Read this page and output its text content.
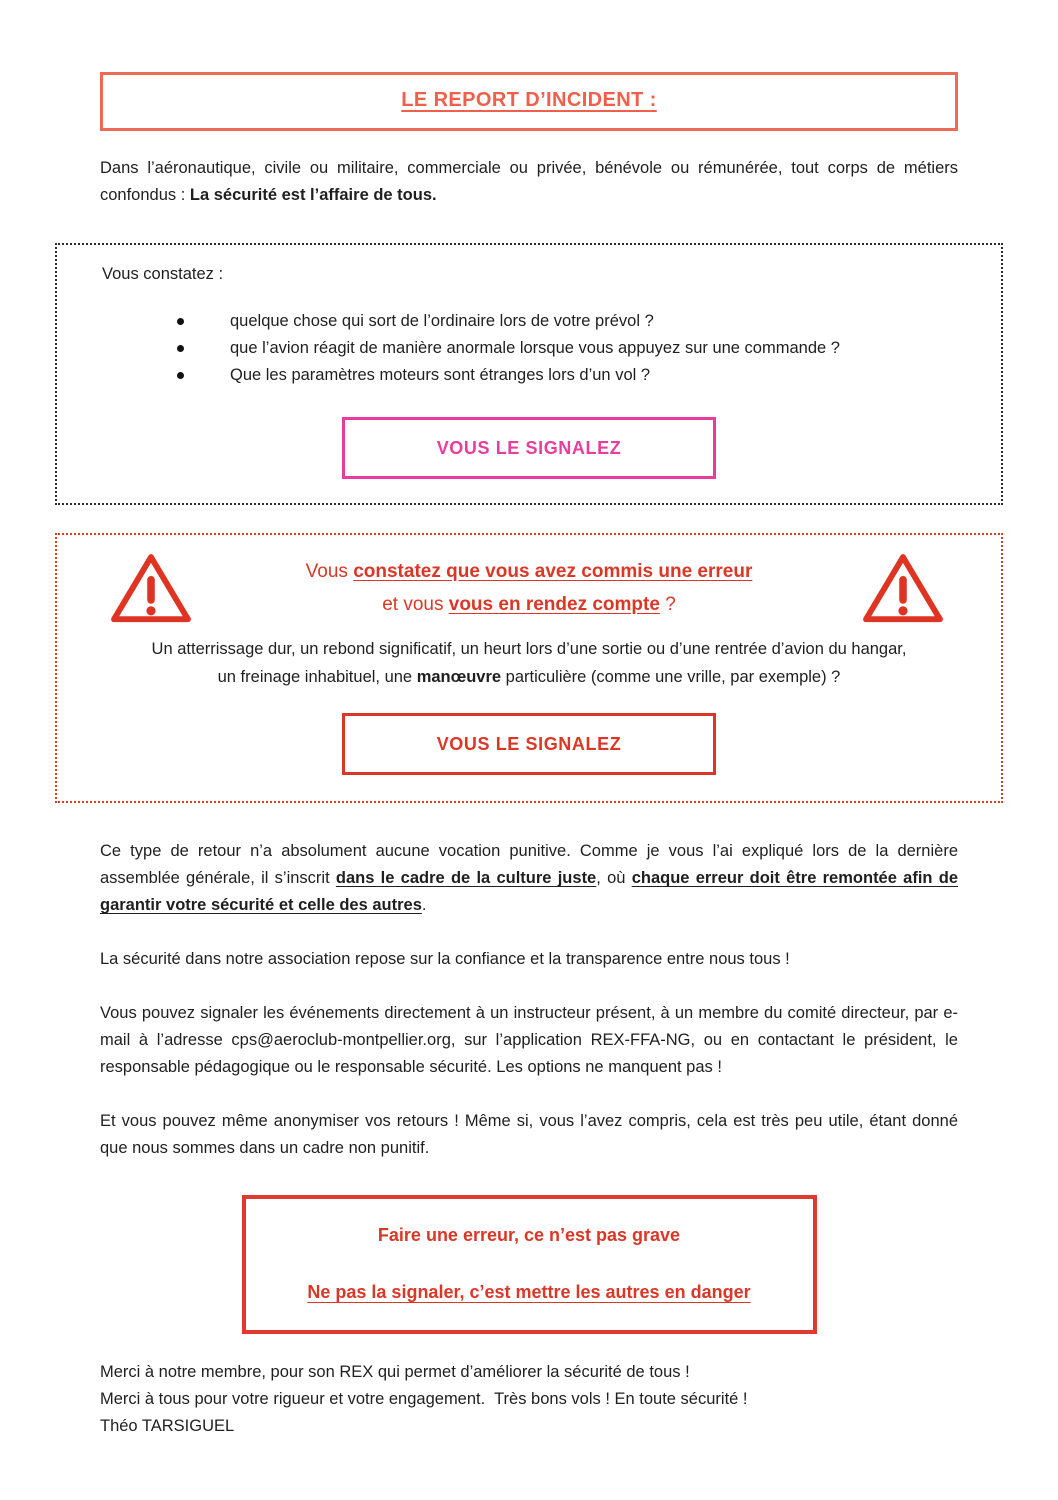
LE REPORT D’INCIDENT :

Dans l’aéronautique, civile ou militaire, commerciale ou privée, bénévole ou rémunérée, tout corps de métiers confondus : La sécurité est l’affaire de tous.

Vous constatez :

quelque chose qui sort de l’ordinaire lors de votre prévol ?
que l’avion réagit de manière anormale lorsque vous appuyez sur une commande ?
Que les paramètres moteurs sont étranges lors d’un vol ?
VOUS LE SIGNALEZ
Vous constatez que vous avez commis une erreur
et vous vous en rendez compte ?
Un atterrissage dur, un rebond significatif, un heurt lors d’une sortie ou d’une rentrée d’avion du hangar,
un freinage inhabituel, une manœuvre particulière (comme une vrille, par exemple) ?
VOUS LE SIGNALEZ

Ce type de retour n’a absolument aucune vocation punitive. Comme je vous l’ai expliqué lors de la dernière assemblée générale, il s’inscrit dans le cadre de la culture juste, où chaque erreur doit être remontée afin de garantir votre sécurité et celle des autres.

La sécurité dans notre association repose sur la confiance et la transparence entre nous tous !

Vous pouvez signaler les événements directement à un instructeur présent, à un membre du comité directeur, par e-mail à l’adresse cps@aeroclub-montpellier.org, sur l’application REX-FFA-NG, ou en contactant le président, le responsable pédagogique ou le responsable sécurité. Les options ne manquent pas !

Et vous pouvez même anonymiser vos retours ! Même si, vous l’avez compris, cela est très peu utile, étant donné que nous sommes dans un cadre non punitif.

Faire une erreur, ce n’est pas grave
Ne pas la signaler, c’est mettre les autres en danger
Merci à notre membre, pour son REX qui permet d’améliorer la sécurité de tous !
Merci à tous pour votre rigueur et votre engagement.  Très bons vols ! En toute sécurité !
Théo TARSIGUEL
